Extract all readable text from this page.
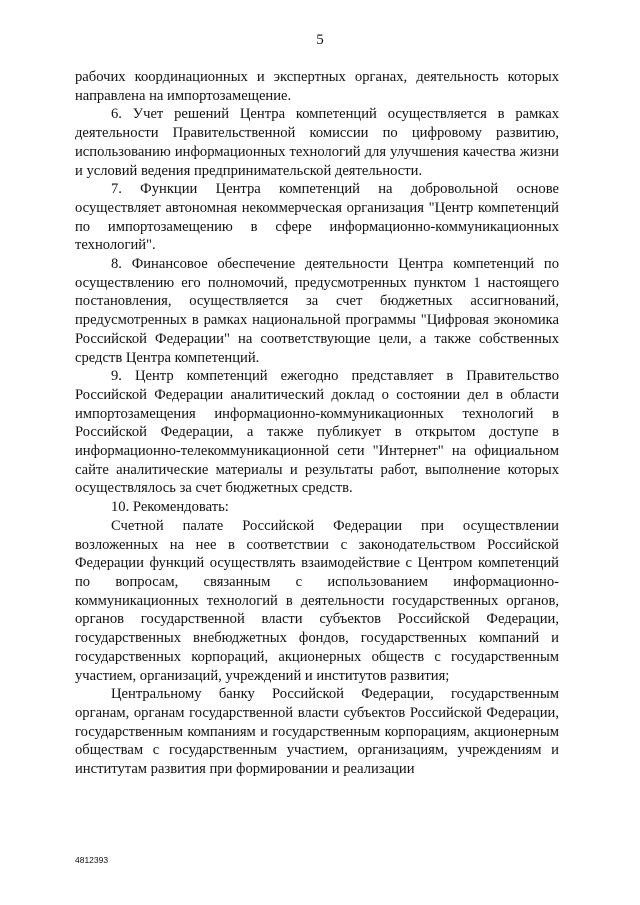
5

рабочих координационных и экспертных органах, деятельность которых направлена на импортозамещение.

6. Учет решений Центра компетенций осуществляется в рамках деятельности Правительственной комиссии по цифровому развитию, использованию информационных технологий для улучшения качества жизни и условий ведения предпринимательской деятельности.

7. Функции Центра компетенций на добровольной основе осуществляет автономная некоммерческая организация "Центр компетенций по импортозамещению в сфере информационно-коммуникационных технологий".

8. Финансовое обеспечение деятельности Центра компетенций по осуществлению его полномочий, предусмотренных пунктом 1 настоящего постановления, осуществляется за счет бюджетных ассигнований, предусмотренных в рамках национальной программы "Цифровая экономика Российской Федерации" на соответствующие цели, а также собственных средств Центра компетенций.

9. Центр компетенций ежегодно представляет в Правительство Российской Федерации аналитический доклад о состоянии дел в области импортозамещения информационно-коммуникационных технологий в Российской Федерации, а также публикует в открытом доступе в информационно-телекоммуникационной сети "Интернет" на официальном сайте аналитические материалы и результаты работ, выполнение которых осуществлялось за счет бюджетных средств.

10. Рекомендовать:

Счетной палате Российской Федерации при осуществлении возложенных на нее в соответствии с законодательством Российской Федерации функций осуществлять взаимодействие с Центром компетенций по вопросам, связанным с использованием информационно-коммуникационных технологий в деятельности государственных органов, органов государственной власти субъектов Российской Федерации, государственных внебюджетных фондов, государственных компаний и государственных корпораций, акционерных обществ с государственным участием, организаций, учреждений и институтов развития;

Центральному банку Российской Федерации, государственным органам, органам государственной власти субъектов Российской Федерации, государственным компаниям и государственным корпорациям, акционерным обществам с государственным участием, организациям, учреждениям и институтам развития при формировании и реализации

4812393
